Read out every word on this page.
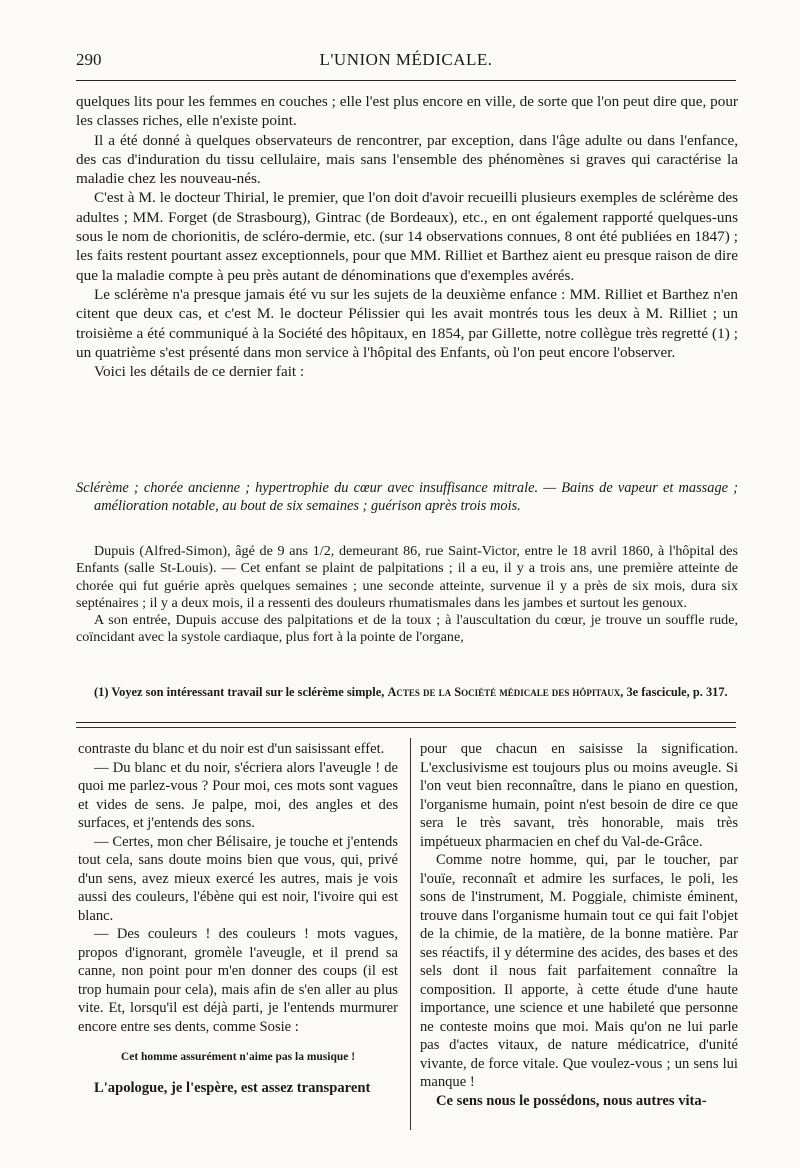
290	L'UNION MÉDICALE.

quelques lits pour les femmes en couches ; elle l'est plus encore en ville, de sorte que l'on peut dire que, pour les classes riches, elle n'existe point.

Il a été donné à quelques observateurs de rencontrer, par exception, dans l'âge adulte ou dans l'enfance, des cas d'induration du tissu cellulaire, mais sans l'ensemble des phénomènes si graves qui caractérise la maladie chez les nouveau-nés.

C'est à M. le docteur Thirial, le premier, que l'on doit d'avoir recueilli plusieurs exemples de sclérème des adultes ; MM. Forget (de Strasbourg), Gintrac (de Bordeaux), etc., en ont également rapporté quelques-uns sous le nom de chorionitis, de scléro-dermie, etc. (sur 14 observations connues, 8 ont été publiées en 1847) ; les faits restent pourtant assez exceptionnels, pour que MM. Rilliet et Barthez aient eu presque raison de dire que la maladie compte à peu près autant de dénominations que d'exemples avérés.

Le sclérème n'a presque jamais été vu sur les sujets de la deuxième enfance : MM. Rilliet et Barthez n'en citent que deux cas, et c'est M. le docteur Pélissier qui les avait montrés tous les deux à M. Rilliet ; un troisième a été communiqué à la Société des hôpitaux, en 1854, par Gillette, notre collègue très regretté (1) ; un quatrième s'est présenté dans mon service à l'hôpital des Enfants, où l'on peut encore l'observer.

Voici les détails de ce dernier fait :

Sclérème ; chorée ancienne ; hypertrophie du cœur avec insuffisance mitrale. — Bains de vapeur et massage ; amélioration notable, au bout de six semaines ; guérison après trois mois.

Dupuis (Alfred-Simon), âgé de 9 ans 1/2, demeurant 86, rue Saint-Victor, entre le 18 avril 1860, à l'hôpital des Enfants (salle St-Louis). — Cet enfant se plaint de palpitations ; il a eu, il y a trois ans, une première atteinte de chorée qui fut guérie après quelques semaines ; une seconde atteinte, survenue il y a près de six mois, dura six septénaires ; il y a deux mois, il a ressenti des douleurs rhumatismales dans les jambes et surtout les genoux.

A son entrée, Dupuis accuse des palpitations et de la toux ; à l'auscultation du cœur, je trouve un souffle rude, coïncidant avec la systole cardiaque, plus fort à la pointe de l'organe,

(1) Voyez son intéressant travail sur le sclérème simple, Actes de la Société médicale des hôpitaux, 3e fascicule, p. 317.

contraste du blanc et du noir est d'un saisissant effet.

— Du blanc et du noir, s'écriera alors l'aveugle ! de quoi me parlez-vous ? Pour moi, ces mots sont vagues et vides de sens. Je palpe, moi, des angles et des surfaces, et j'entends des sons.

— Certes, mon cher Bélisaire, je touche et j'entends tout cela, sans doute moins bien que vous, qui, privé d'un sens, avez mieux exercé les autres, mais je vois aussi des couleurs, l'ébène qui est noir, l'ivoire qui est blanc.

— Des couleurs ! des couleurs ! mots vagues, propos d'ignorant, gromèle l'aveugle, et il prend sa canne, non point pour m'en donner des coups (il est trop humain pour cela), mais afin de s'en aller au plus vite. Et, lorsqu'il est déjà parti, je l'entends murmurer encore entre ses dents, comme Sosie :

Cet homme assurément n'aime pas la musique !

L'apologue, je l'espère, est assez transparent

pour que chacun en saisisse la signification. L'exclusivisme est toujours plus ou moins aveugle. Si l'on veut bien reconnaître, dans le piano en question, l'organisme humain, point n'est besoin de dire ce que sera le très savant, très honorable, mais très impétueux pharmacien en chef du Val-de-Grâce.

Comme notre homme, qui, par le toucher, par l'ouïe, reconnaît et admire les surfaces, le poli, les sons de l'instrument, M. Poggiale, chimiste éminent, trouve dans l'organisme humain tout ce qui fait l'objet de la chimie, de la matière, de la bonne matière. Par ses réactifs, il y détermine des acides, des bases et des sels dont il nous fait parfaitement connaître la composition. Il apporte, à cette étude d'une haute importance, une science et une habileté que personne ne conteste moins que moi. Mais qu'on ne lui parle pas d'actes vitaux, de nature médicatrice, d'unité vivante, de force vitale. Que voulez-vous ; un sens lui manque !

Ce sens nous le possédons, nous autres vita-
